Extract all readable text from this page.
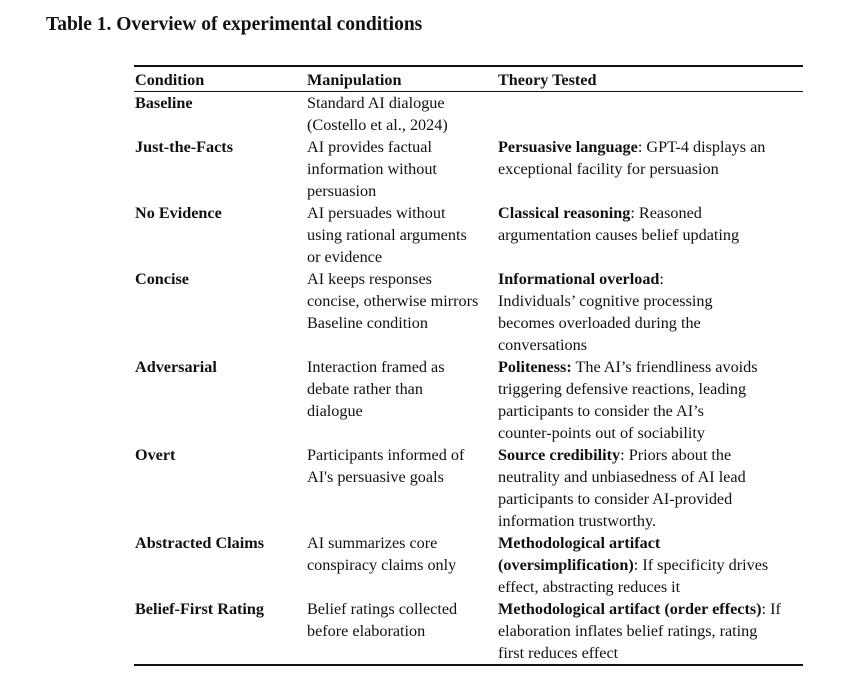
Table 1. Overview of experimental conditions
Condition	Manipulation	Theory Tested
Baseline	Standard AI dialogue
(Costello et al., 2024)	

Just-the-Facts	AI provides factual
information without
persuasion	Persuasive language: GPT-4 displays an
exceptional facility for persuasion

No Evidence	AI persuades without
using rational arguments
or evidence	Classical reasoning: Reasoned
argumentation causes belief updating

Concise	AI keeps responses
concise, otherwise mirrors
Baseline condition	Informational overload:
Individuals’ cognitive processing
becomes overloaded during the
conversations

Adversarial	Interaction framed as
debate rather than
dialogue	Politeness: The AI’s friendliness avoids
triggering defensive reactions, leading
participants to consider the AI’s
counter-points out of sociability

Overt	Participants informed of
AI's persuasive goals	Source credibility: Priors about the
neutrality and unbiasedness of AI lead
participants to consider AI-provided
information trustworthy.

Abstracted Claims	AI summarizes core
conspiracy claims only	Methodological artifact
(oversimplification): If specificity drives
effect, abstracting reduces it

Belief-First Rating	Belief ratings collected
before elaboration	Methodological artifact (order effects): If
elaboration inflates belief ratings, rating
first reduces effect
